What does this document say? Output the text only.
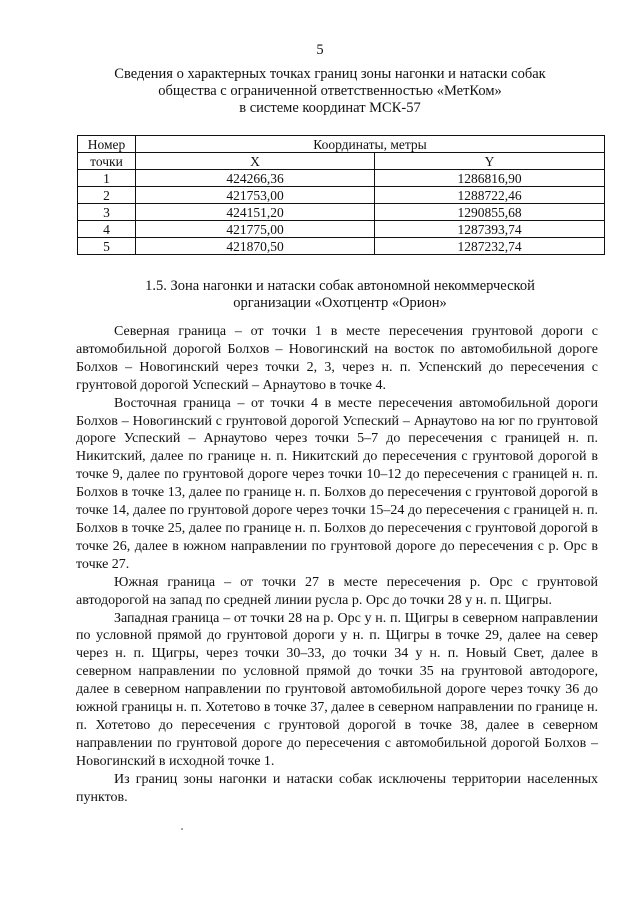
5
Сведения о характерных точках границ зоны нагонки и натаски собак
общества с ограниченной ответственностью «МетКом»
в системе координат МСК-57
Номер	Координаты, метры	
точки	X	Y
1	424266,36	1286816,90
2	421753,00	1288722,46
3	424151,20	1290855,68
4	421775,00	1287393,74
5	421870,50	1287232,74
1.5. Зона нагонки и натаски собак автономной некоммерческой
организации «Охотцентр «Орион»

Северная граница – от точки 1 в месте пересечения грунтовой дороги с автомобильной дорогой Болхов – Новогинский на восток по автомобильной дороге Болхов – Новогинский через точки 2, 3, через н. п. Успенский до пересечения с грунтовой дорогой Успеский – Арнаутово в точке 4.

Восточная граница – от точки 4 в месте пересечения автомобильной дороги Болхов – Новогинский с грунтовой дорогой Успеский – Арнаутово на юг по грунтовой дороге Успеский – Арнаутово через точки 5–7 до пересечения с границей н. п. Никитский, далее по границе н. п. Никитский до пересечения с грунтовой дорогой в точке 9, далее по грунтовой дороге через точки 10–12 до пересечения с границей н. п. Болхов в точке 13, далее по границе н. п. Болхов до пересечения с грунтовой дорогой в точке 14, далее по грунтовой дороге через точки 15–24 до пересечения с границей н. п. Болхов в точке 25, далее по границе н. п. Болхов до пересечения с грунтовой дорогой в точке 26, далее в южном направлении по грунтовой дороге до пересечения с р. Орс в точке 27.

Южная граница – от точки 27 в месте пересечения р. Орс с грунтовой автодорогой на запад по средней линии русла р. Орс до точки 28 у н. п. Щигры.

Западная граница – от точки 28 на р. Орс у н. п. Щигры в северном направлении по условной прямой до грунтовой дороги у н. п. Щигры в точке 29, далее на север через н. п. Щигры, через точки 30–33, до точки 34 у н. п. Новый Свет, далее в северном направлении по условной прямой до точки 35 на грунтовой автодороге, далее в северном направлении по грунтовой автомобильной дороге через точку 36 до южной границы н. п. Хотетово в точке 37, далее в северном направлении по границе н. п. Хотетово до пересечения с грунтовой дорогой в точке 38, далее в северном направлении по грунтовой дороге до пересечения с автомобильной дорогой Болхов – Новогинский в исходной точке 1.

Из границ зоны нагонки и натаски собак исключены территории населенных пунктов.
